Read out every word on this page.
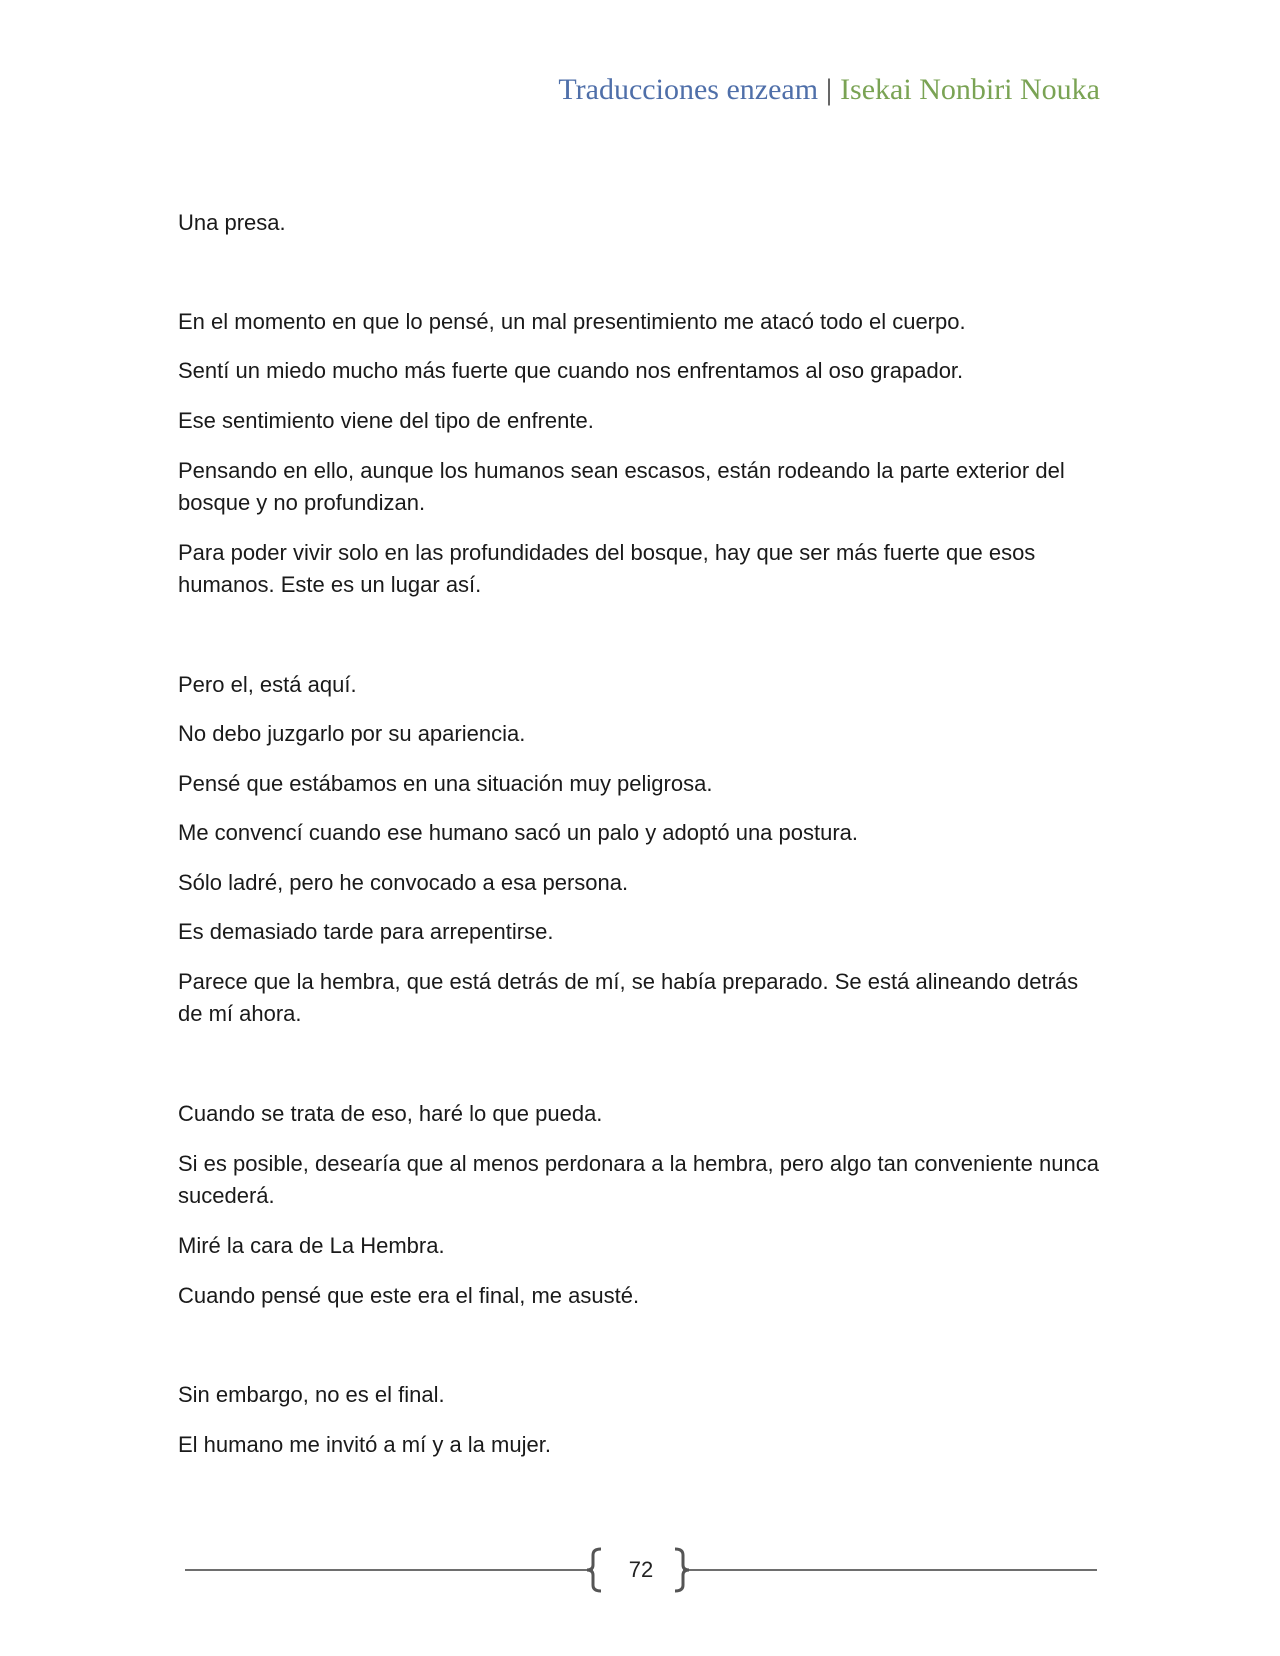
Traducciones enzeam | Isekai Nonbiri Nouka

Una presa.

En el momento en que lo pensé, un mal presentimiento me atacó todo el cuerpo.

Sentí un miedo mucho más fuerte que cuando nos enfrentamos al oso grapador.

Ese sentimiento viene del tipo de enfrente.

Pensando en ello, aunque los humanos sean escasos, están rodeando la parte exterior del bosque y no profundizan.

Para poder vivir solo en las profundidades del bosque, hay que ser más fuerte que esos humanos. Este es un lugar así.

Pero el, está aquí.

No debo juzgarlo por su apariencia.

Pensé que estábamos en una situación muy peligrosa.

Me convencí cuando ese humano sacó un palo y adoptó una postura.

Sólo ladré, pero he convocado a esa persona.

Es demasiado tarde para arrepentirse.

Parece que la hembra, que está detrás de mí, se había preparado. Se está alineando detrás de mí ahora.

Cuando se trata de eso, haré lo que pueda.

Si es posible, desearía que al menos perdonara a la hembra, pero algo tan conveniente nunca sucederá.

Miré la cara de La Hembra.

Cuando pensé que este era el final, me asusté.

Sin embargo, no es el final.

El humano me invitó a mí y a la mujer.

72
